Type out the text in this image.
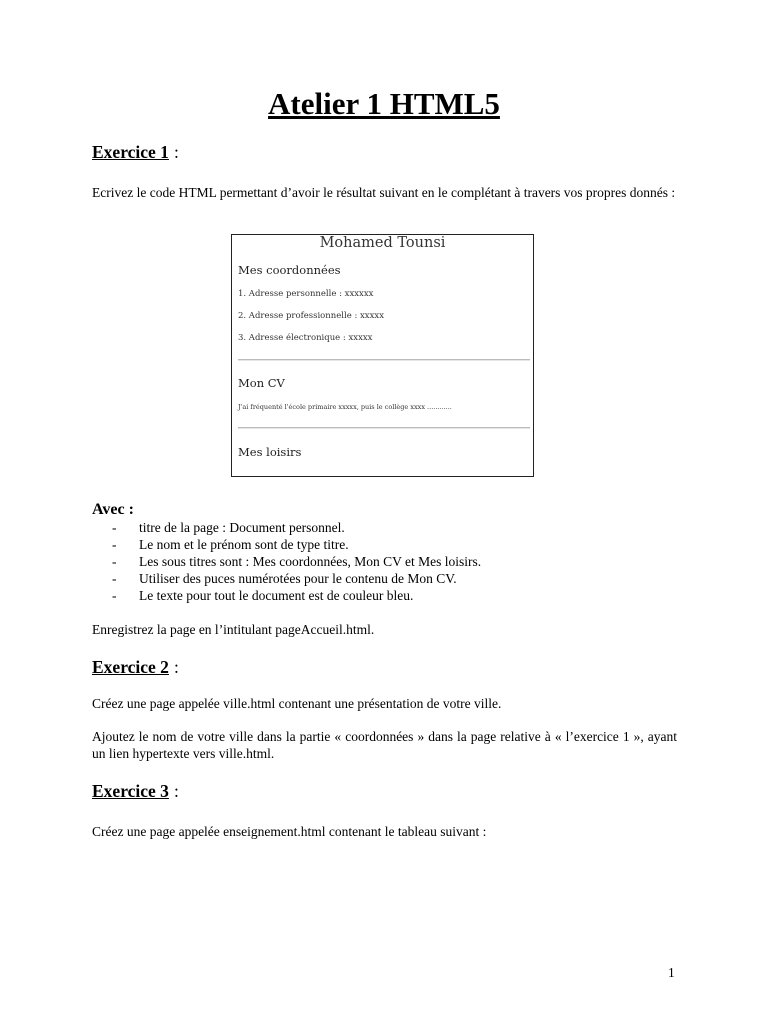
Atelier 1 HTML5
Exercice 1 :
Ecrivez le code HTML permettant d’avoir le résultat suivant en le complétant à travers vos propres donnés :
Mohamed Tounsi
Mes coordonnées
1. Adresse personnelle : xxxxxx
2. Adresse professionnelle : xxxxx
3. Adresse électronique : xxxxx
Mon CV
J'ai fréquenté l'école primaire xxxxx, puis le collège xxxx ............
Mes loisirs
Avec :
- titre de la page : Document personnel.
- Le nom et le prénom sont de type titre.
- Les sous titres sont : Mes coordonnées, Mon CV et Mes loisirs.
- Utiliser des puces numérotées pour le contenu de Mon CV.
- Le texte pour tout le document est de couleur bleu.
Enregistrez la page en l’intitulant pageAccueil.html.
Exercice 2 :
Créez une page appelée ville.html contenant une présentation de votre ville.
Ajoutez le nom de votre ville dans la partie « coordonnées » dans la page relative à « l’exercice 1 », ayant un lien hypertexte vers ville.html.
Exercice 3 :
Créez une page appelée enseignement.html contenant le tableau suivant :
1
